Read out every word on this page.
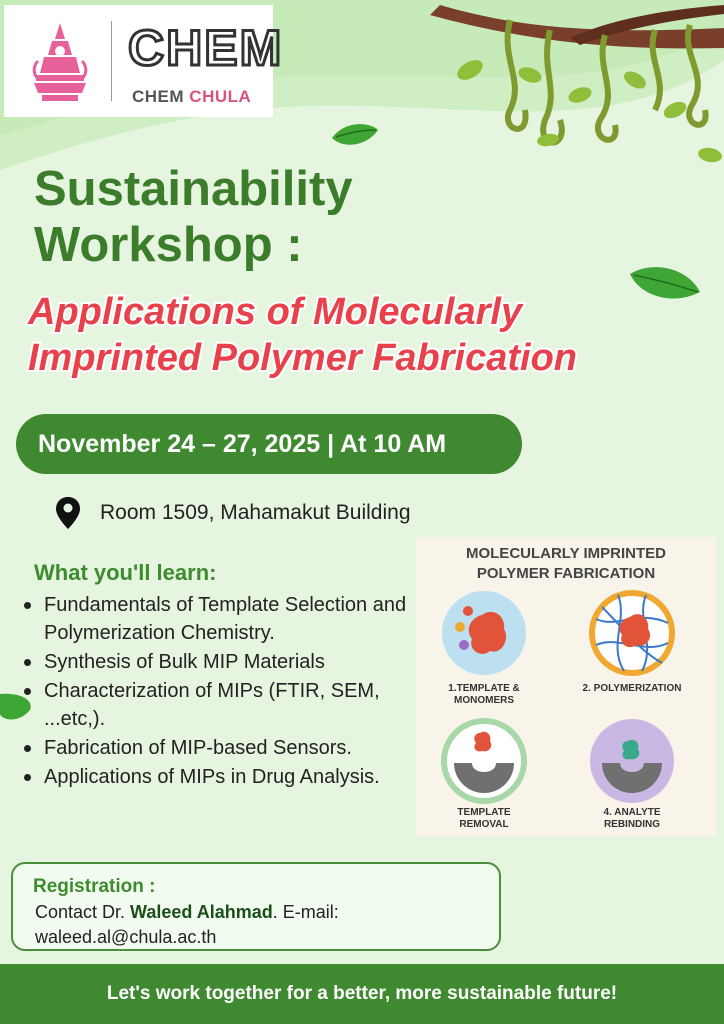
CHEM
CHEM CHULA
Sustainability
Workshop :
Applications of Molecularly
Imprinted Polymer Fabrication
November 24 – 27, 2025 | At 10 AM
Room 1509, Mahamakut Building
What you'll learn:
Fundamentals of Template Selection and Polymerization Chemistry.
Synthesis of Bulk MIP Materials
Characterization of MIPs (FTIR, SEM, ...etc,).
Fabrication of MIP-based Sensors.
Applications of MIPs in Drug Analysis.
MOLECULARLY IMPRINTED
POLYMER FABRICATION
1.TEMPLATE &
MONOMERS
2. POLYMERIZATION
TEMPLATE
REMOVAL
4. ANALYTE
REBINDING
Registration :
Contact Dr. Waleed Alahmad. E-mail:
waleed.al@chula.ac.th
Let's work together for a better, more sustainable future!
